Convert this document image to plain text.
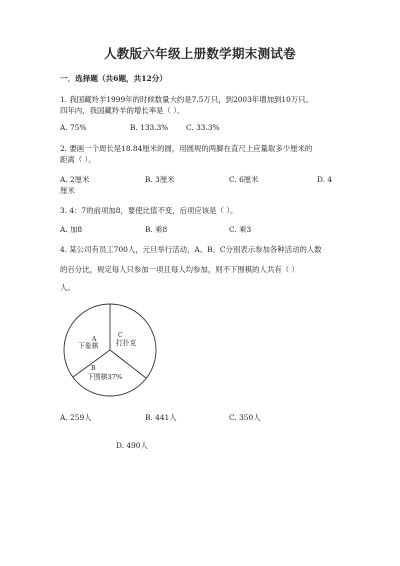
人教版六年级上册数学期末测试卷
一．选择题（共6题，共12分）
1. 我国藏羚羊1999年的时候数量大约是7.5万只，到2003年增加到10万只。
四年内，我国藏羚羊的增长率是（ ）。
A. 75%	B. 133.3% C. 33.3%
2. 要画一个周长是18.84厘米的圆，用圆规的两脚在直尺上应量取多少厘米的
距离（ ）。
A. 2厘米	B. 3厘米	C. 6厘米	D. 4
厘米
3. 4：7的前项加8，要使比值不变，后项应该是（ ）。
A. 加8	B. 乘8	C. 乘3
4. 某公司有员工700人，元旦举行活动，A、B、C分别表示参加各种活动的人数
的百分比，规定每人只参加一项且每人均参加，则不下围棋的人共有（ ）
人。
A
下象棋
C
打扑克
B
下围棋37%
A. 259人	B. 441人	C. 350人
D. 490人
